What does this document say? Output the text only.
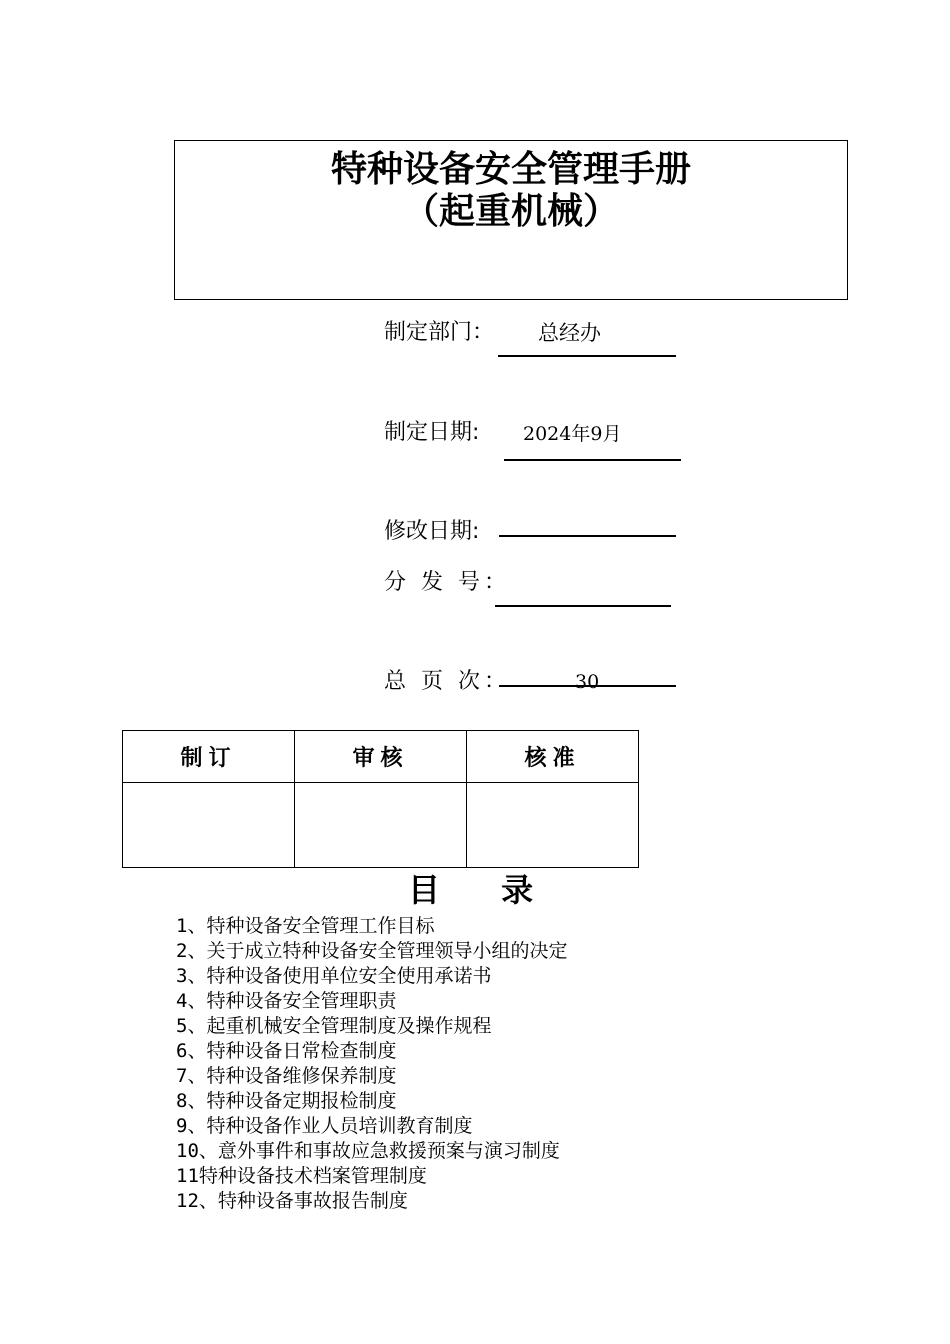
特种设备安全管理手册
（起重机械）
制定部门： 总经办
制定日期: 2024年9月
修改日期:
分 发 号：
总 页 次：	30
制订	审核	核准

目 录
1、特种设备安全管理工作目标
2、关于成立特种设备安全管理领导小组的决定
3、特种设备使用单位安全使用承诺书
4、特种设备安全管理职责
5、起重机械安全管理制度及操作规程
6、特种设备日常检查制度
7、特种设备维修保养制度
8、特种设备定期报检制度
9、特种设备作业人员培训教育制度
10、意外事件和事故应急救援预案与演习制度
11特种设备技术档案管理制度
12、特种设备事故报告制度
